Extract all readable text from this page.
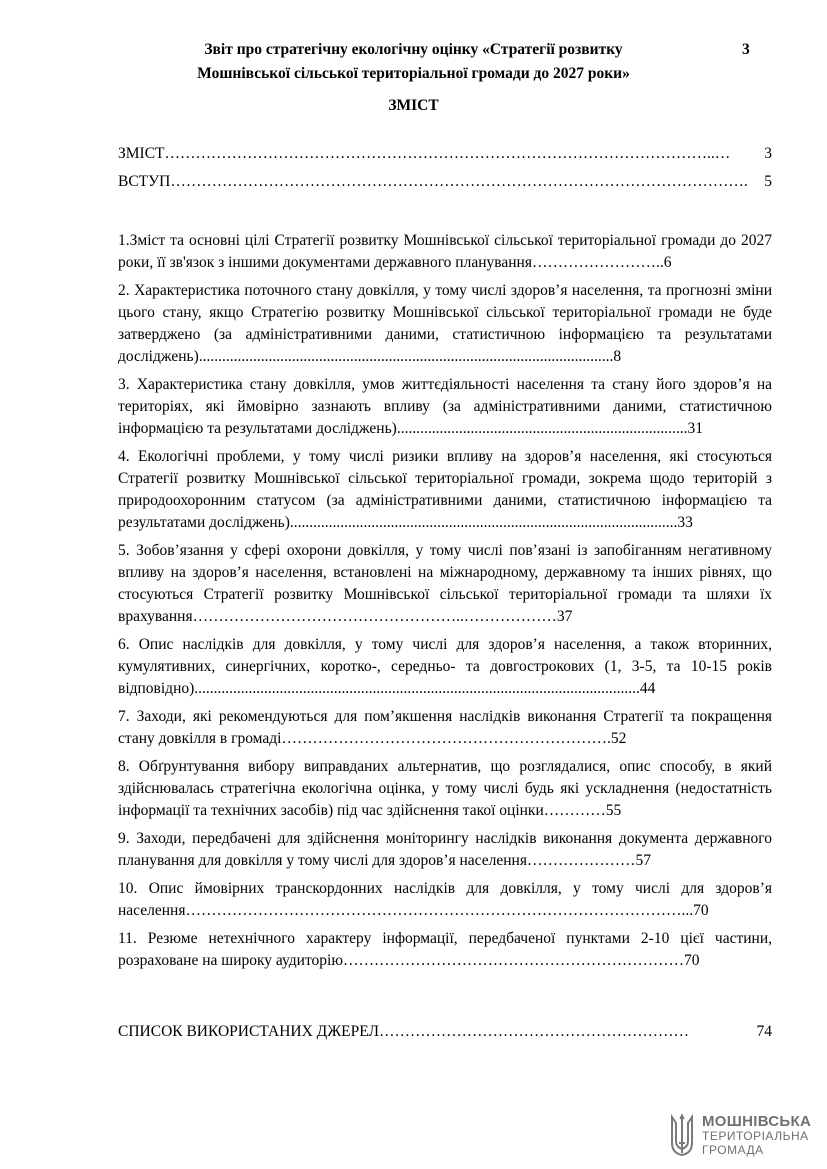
Звіт про стратегічну екологічну оцінку «Стратегії розвитку
Мошнівської сільської територіальної громади до 2027 роки»
3
ЗМІСТ
ЗМІСТ ……………………………………………………………………………………………..…	3
ВСТУП ………………………………………………………………………………………………….	5
1.Зміст та основні цілі Стратегії розвитку Мошнівської сільської територіальної громади до 2027 роки, її зв'язок з іншими документами державного планування……………………..6
2. Характеристика поточного стану довкілля, у тому числі здоров’я населення, та прогнозні зміни цього стану, якщо Стратегію розвитку Мошнівської сільської територіальної громади не буде затверджено (за адміністративними даними, статистичною інформацією та результатами досліджень)...........................................................................................................8
3. Характеристика стану довкілля, умов життєдіяльності населення та стану його здоров’я на територіях, які ймовірно зазнають впливу (за адміністративними даними, статистичною інформацією та результатами досліджень)...........................................................................31
4. Екологічні проблеми, у тому числі ризики впливу на здоров’я населення, які стосуються Стратегії розвитку Мошнівської сільської територіальної громади, зокрема щодо територій з природоохоронним статусом (за адміністративними даними, статистичною інформацією та результатами досліджень)....................................................................................................33
5. Зобов’язання у сфері охорони довкілля, у тому числі пов’язані із запобіганням негативному впливу на здоров’я населення, встановлені на міжнародному, державному та інших рівнях, що стосуються Стратегії розвитку Мошнівської сільської територіальної громади та шляхи їх врахування……………………………………………..………………37
6. Опис наслідків для довкілля, у тому числі для здоров’я населення, а також вторинних, кумулятивних, синергічних, коротко-, середньо- та довгострокових (1, 3-5, та 10-15 років відповідно)...................................................................................................................44
7. Заходи, які рекомендуються для пом’якшення наслідків виконання Стратегії та покращення стану довкілля в громаді……………………………………………………….52
8. Обґрунтування вибору виправданих альтернатив, що розглядалися, опис способу, в який здійснювалась стратегічна екологічна оцінка, у тому числі будь які ускладнення (недостатність інформації та технічних засобів) під час здійснення такої оцінки…………55
9. Заходи, передбачені для здійснення моніторингу наслідків виконання документа державного планування для довкілля у тому числі для здоров’я населення…………………57
10. Опис ймовірних транскордонних наслідків для довкілля, у тому числі для здоров’я населення……………………………………………………………………………………...70
11. Резюме нетехнічного характеру інформації, передбаченої пунктами 2-10 цієї частини, розраховане на широку аудиторію…………………………………………………………70
СПИСОК ВИКОРИСТАНИХ ДЖЕРЕЛ ……………………………………………………	74
МОШНІВСЬКА
ТЕРИТОРІАЛЬНА
ГРОМАДА
